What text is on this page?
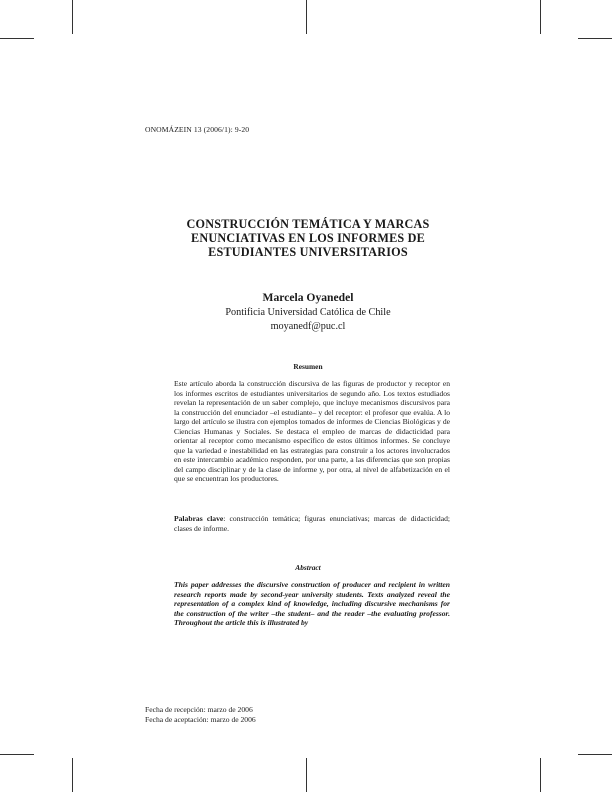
ONOMÁZEIN 13 (2006/1): 9-20
CONSTRUCCIÓN TEMÁTICA Y MARCAS
ENUNCIATIVAS EN LOS INFORMES DE
ESTUDIANTES UNIVERSITARIOS
Marcela Oyanedel
Pontificia Universidad Católica de Chile
moyanedf@puc.cl
Resumen
Este artículo aborda la construcción discursiva de las figuras de productor y receptor en los informes escritos de estudiantes universitarios de segundo año. Los textos estudiados revelan la representación de un saber complejo, que incluye mecanismos discursivos para la construcción del enunciador –el estudiante– y del receptor: el profesor que evalúa. A lo largo del artículo se ilustra con ejemplos tomados de informes de Ciencias Biológicas y de Ciencias Humanas y Sociales. Se destaca el empleo de marcas de didacticidad para orientar al receptor como mecanismo específico de estos últimos informes. Se concluye que la variedad e inestabilidad en las estrategias para construir a los actores involucrados en este intercambio académico responden, por una parte, a las diferencias que son propias del campo disciplinar y de la clase de informe y, por otra, al nivel de alfabetización en el que se encuentran los productores.
Palabras clave: construcción temática; figuras enunciativas; marcas de didacticidad; clases de informe.
Abstract
This paper addresses the discursive construction of producer and recipient in written research reports made by second-year university students. Texts analyzed reveal the representation of a complex kind of knowledge, including discursive mechanisms for the construction of the writer –the student– and the reader –the evaluating professor. Throughout the article this is illustrated by
Fecha de recepción: marzo de 2006
Fecha de aceptación: marzo de 2006
